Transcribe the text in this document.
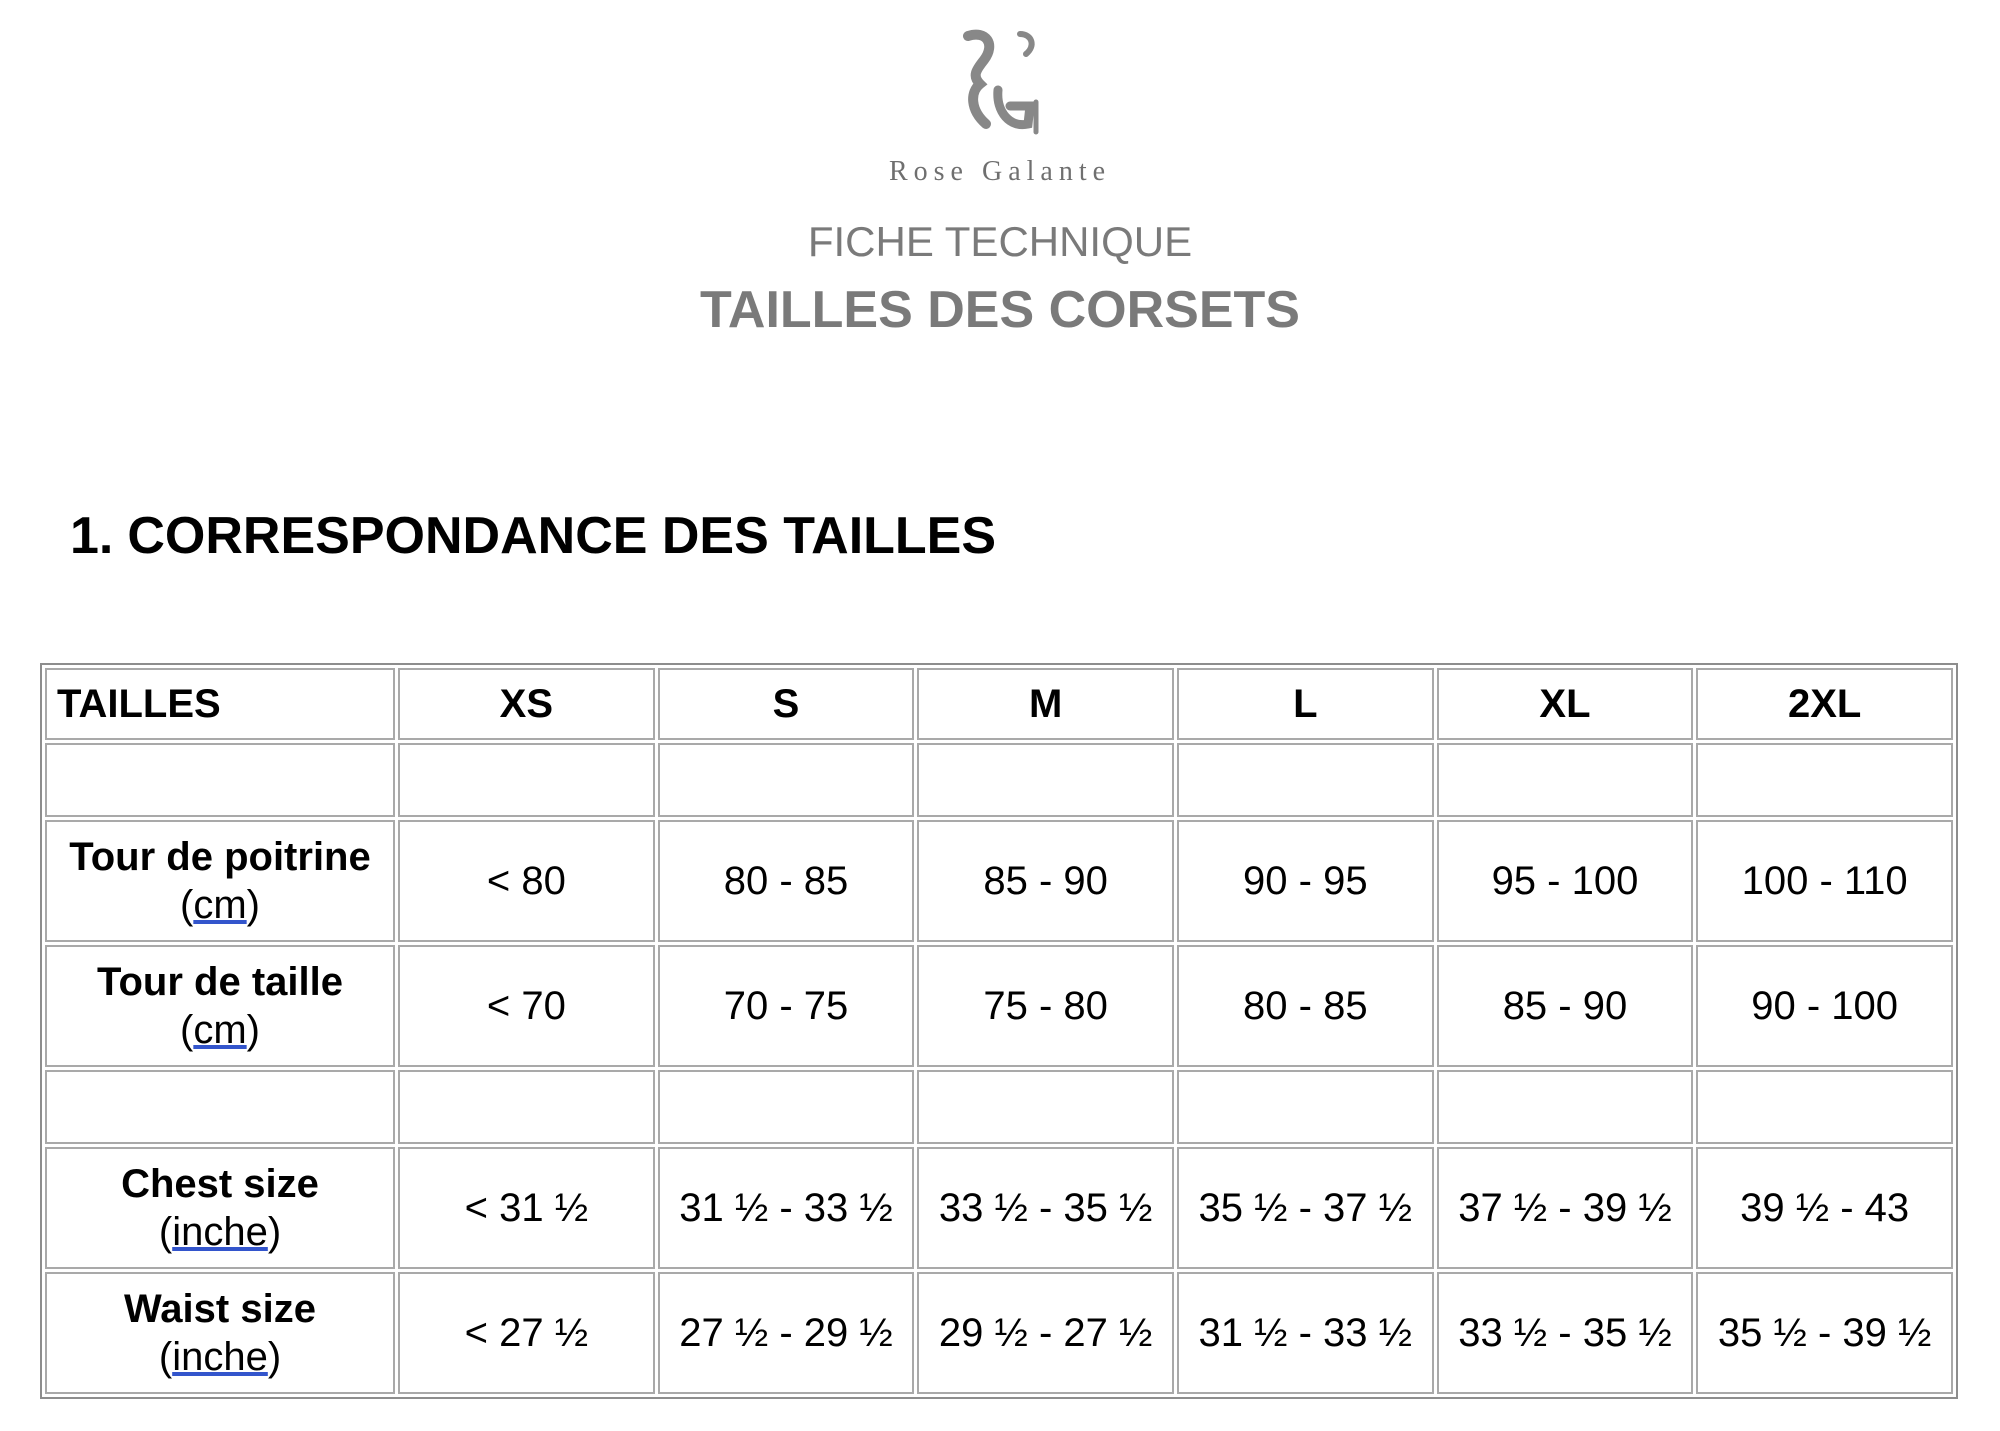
Rose Galante
FICHE TECHNIQUE
TAILLES DES CORSETS
1. CORRESPONDANCE DES TAILLES
TAILLES	XS	S	M	L	XL	2XL

Tour de poitrine
(cm)	< 80	80 - 85	85 - 90	90 - 95	95 - 100	100 - 110

Tour de taille
(cm)	< 70	70 - 75	75 - 80	80 - 85	85 - 90	90 - 100

Chest size
(inche)	< 31 ½	31 ½ - 33 ½	33 ½ - 35 ½	35 ½ - 37 ½	37 ½ - 39 ½	39 ½ - 43

Waist size
(inche)	< 27 ½	27 ½ - 29 ½	29 ½ - 27 ½	31 ½ - 33 ½	33 ½ - 35 ½	35 ½ - 39 ½
